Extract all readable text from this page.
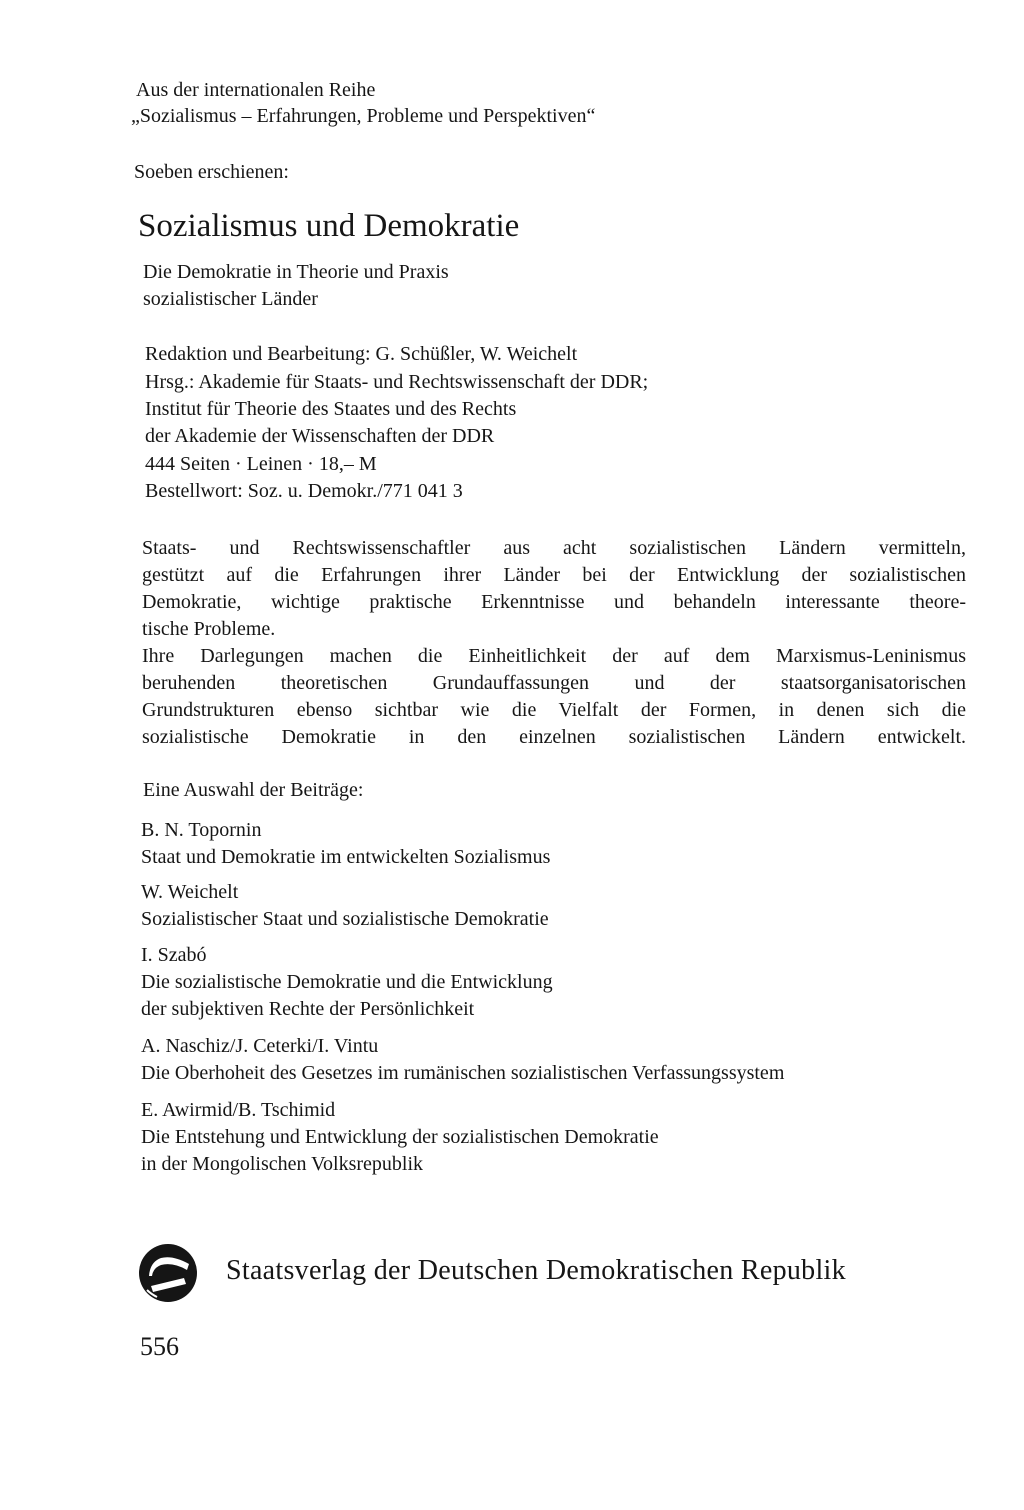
Aus der internationalen Reihe
„Sozialismus – Erfahrungen, Probleme und Perspektiven“
Soeben erschienen:
Sozialismus und Demokratie
Die Demokratie in Theorie und Praxis
sozialistischer Länder
Redaktion und Bearbeitung: G. Schüßler, W. Weichelt
Hrsg.: Akademie für Staats- und Rechtswissenschaft der DDR;
Institut für Theorie des Staates und des Rechts
der Akademie der Wissenschaften der DDR
444 Seiten · Leinen · 18,– M
Bestellwort: Soz. u. Demokr./771 041 3
Staats- und Rechtswissenschaftler aus acht sozialistischen Ländern vermitteln,
gestützt auf die Erfahrungen ihrer Länder bei der Entwicklung der sozialistischen
Demokratie, wichtige praktische Erkenntnisse und behandeln interessante theore-
tische Probleme.
Ihre Darlegungen machen die Einheitlichkeit der auf dem Marxismus-Leninismus
beruhenden theoretischen Grundauffassungen und der staatsorganisatorischen
Grundstrukturen ebenso sichtbar wie die Vielfalt der Formen, in denen sich die
sozialistische Demokratie in den einzelnen sozialistischen Ländern entwickelt.
Eine Auswahl der Beiträge:
B. N. Topornin
Staat und Demokratie im entwickelten Sozialismus
W. Weichelt
Sozialistischer Staat und sozialistische Demokratie
I. Szabó
Die sozialistische Demokratie und die Entwicklung
der subjektiven Rechte der Persönlichkeit
A. Naschiz/J. Ceterki/I. Vintu
Die Oberhoheit des Gesetzes im rumänischen sozialistischen Verfassungssystem
E. Awirmid/B. Tschimid
Die Entstehung und Entwicklung der sozialistischen Demokratie
in der Mongolischen Volksrepublik
Staatsverlag der Deutschen Demokratischen Republik
556
